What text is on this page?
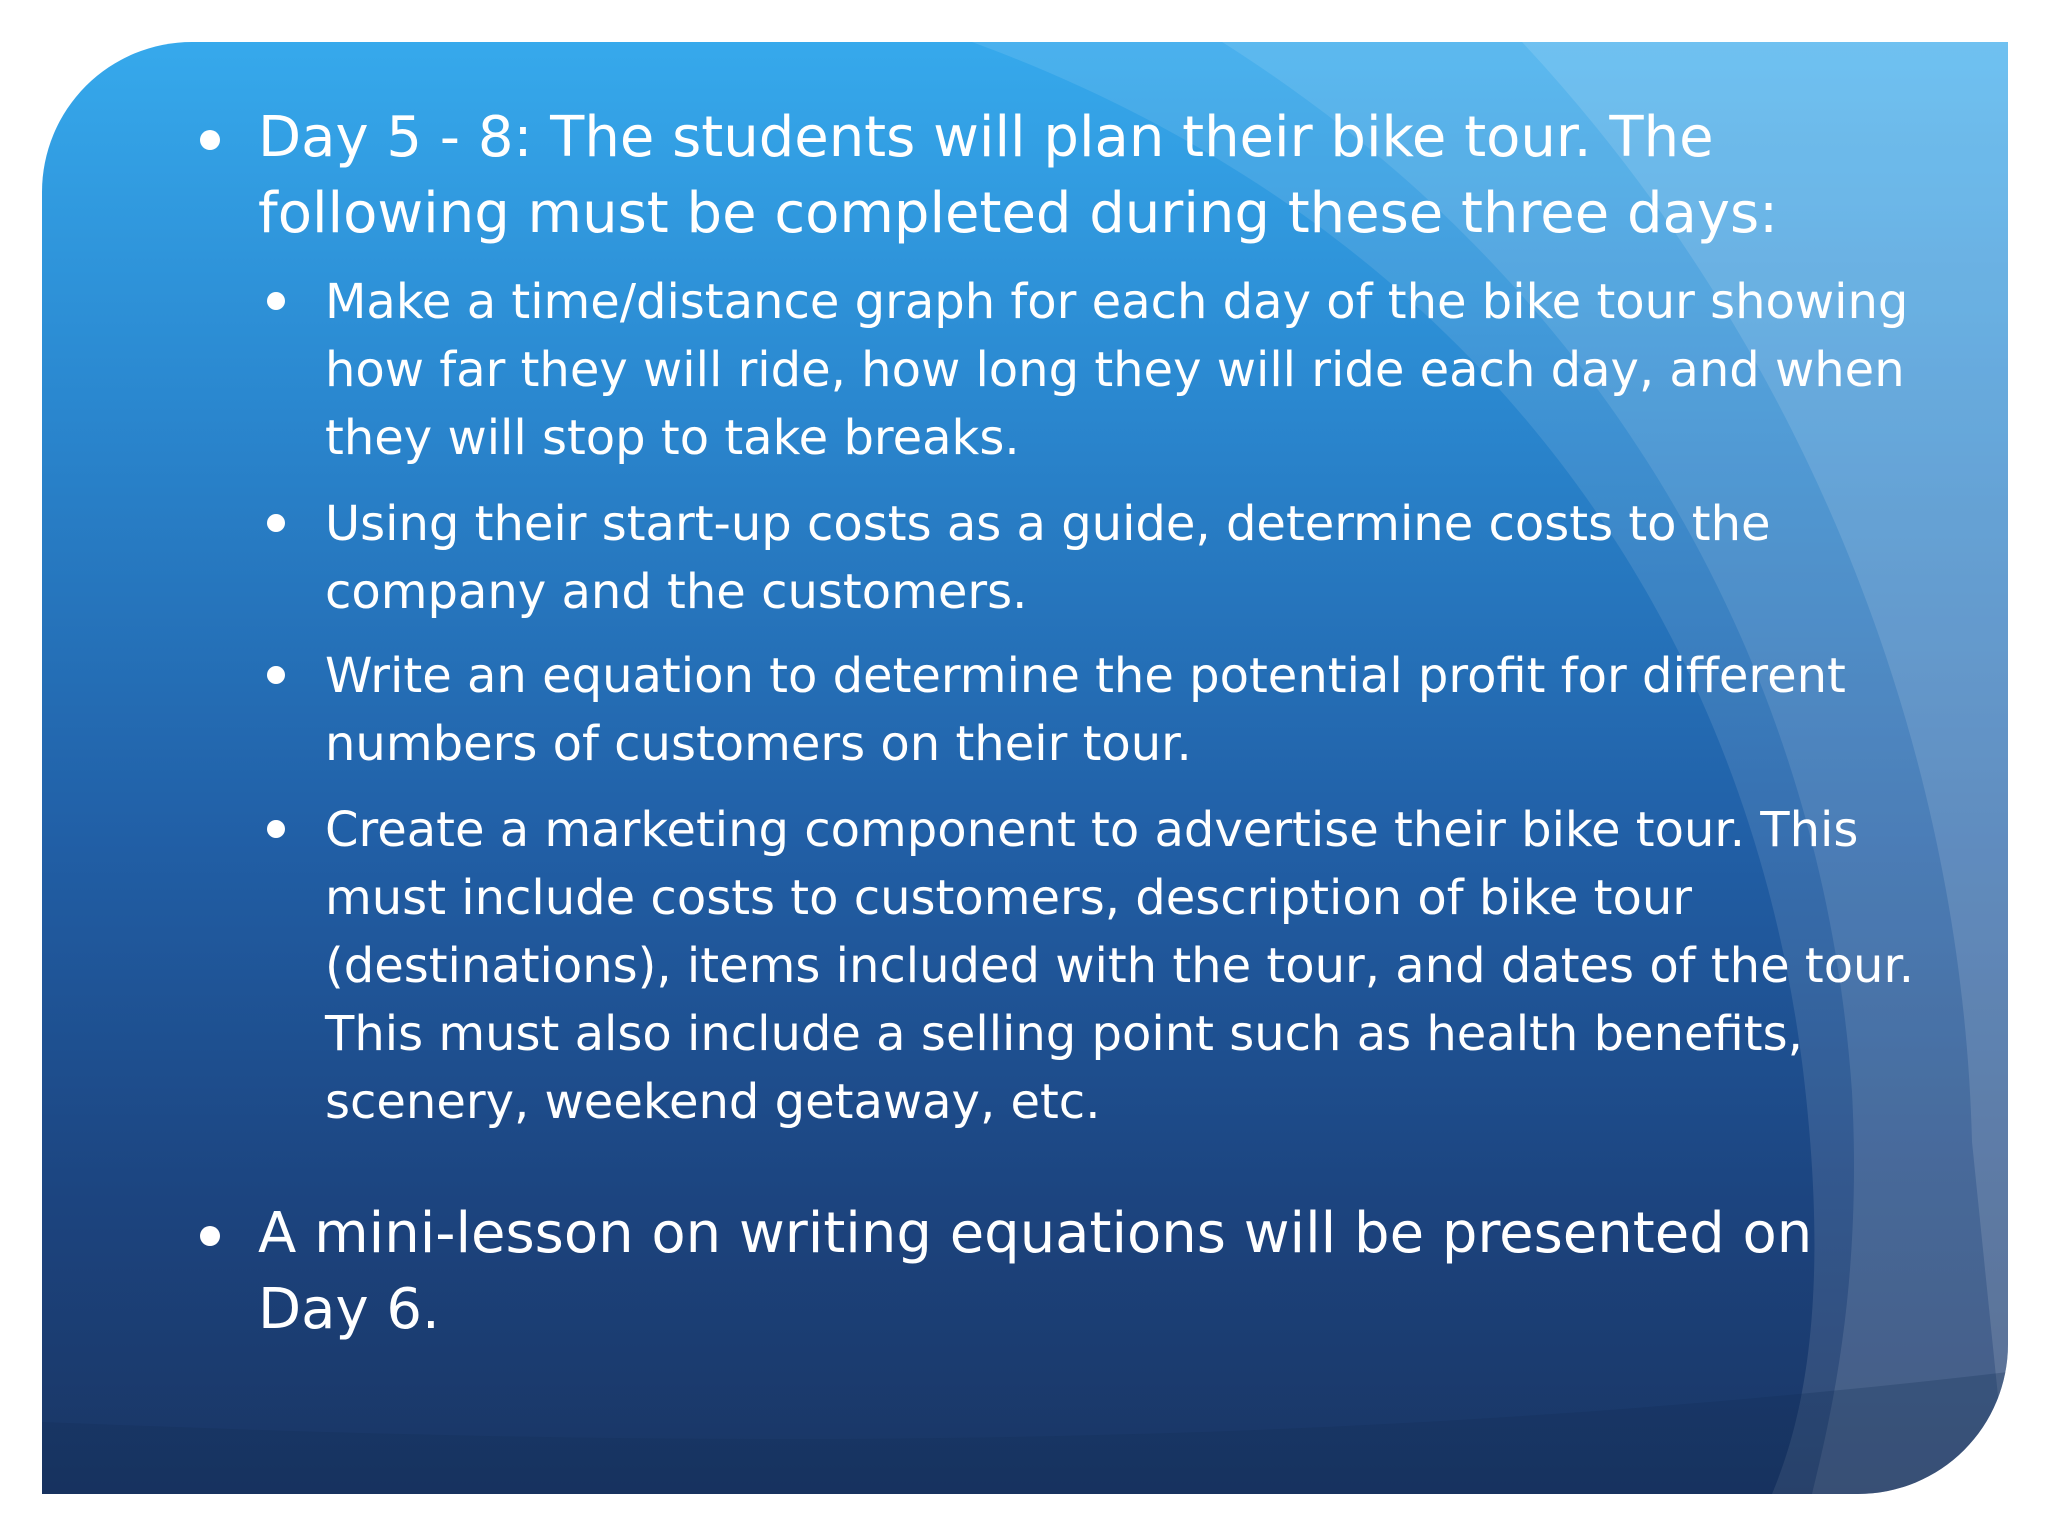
Day 5 - 8: The students will plan their bike tour. The following must be completed during these three days:
Make a time/distance graph for each day of the bike tour showing how far they will ride, how long they will ride each day, and when they will stop to take breaks.
Using their start-up costs as a guide, determine costs to the company and the customers.
Write an equation to determine the potential profit for different numbers of customers on their tour.
Create a marketing component to advertise their bike tour. This must include costs to customers, description of bike tour (destinations), items included with the tour, and dates of the tour. This must also include a selling point such as health benefits, scenery, weekend getaway, etc.
A mini-lesson on writing equations will be presented on Day 6.
